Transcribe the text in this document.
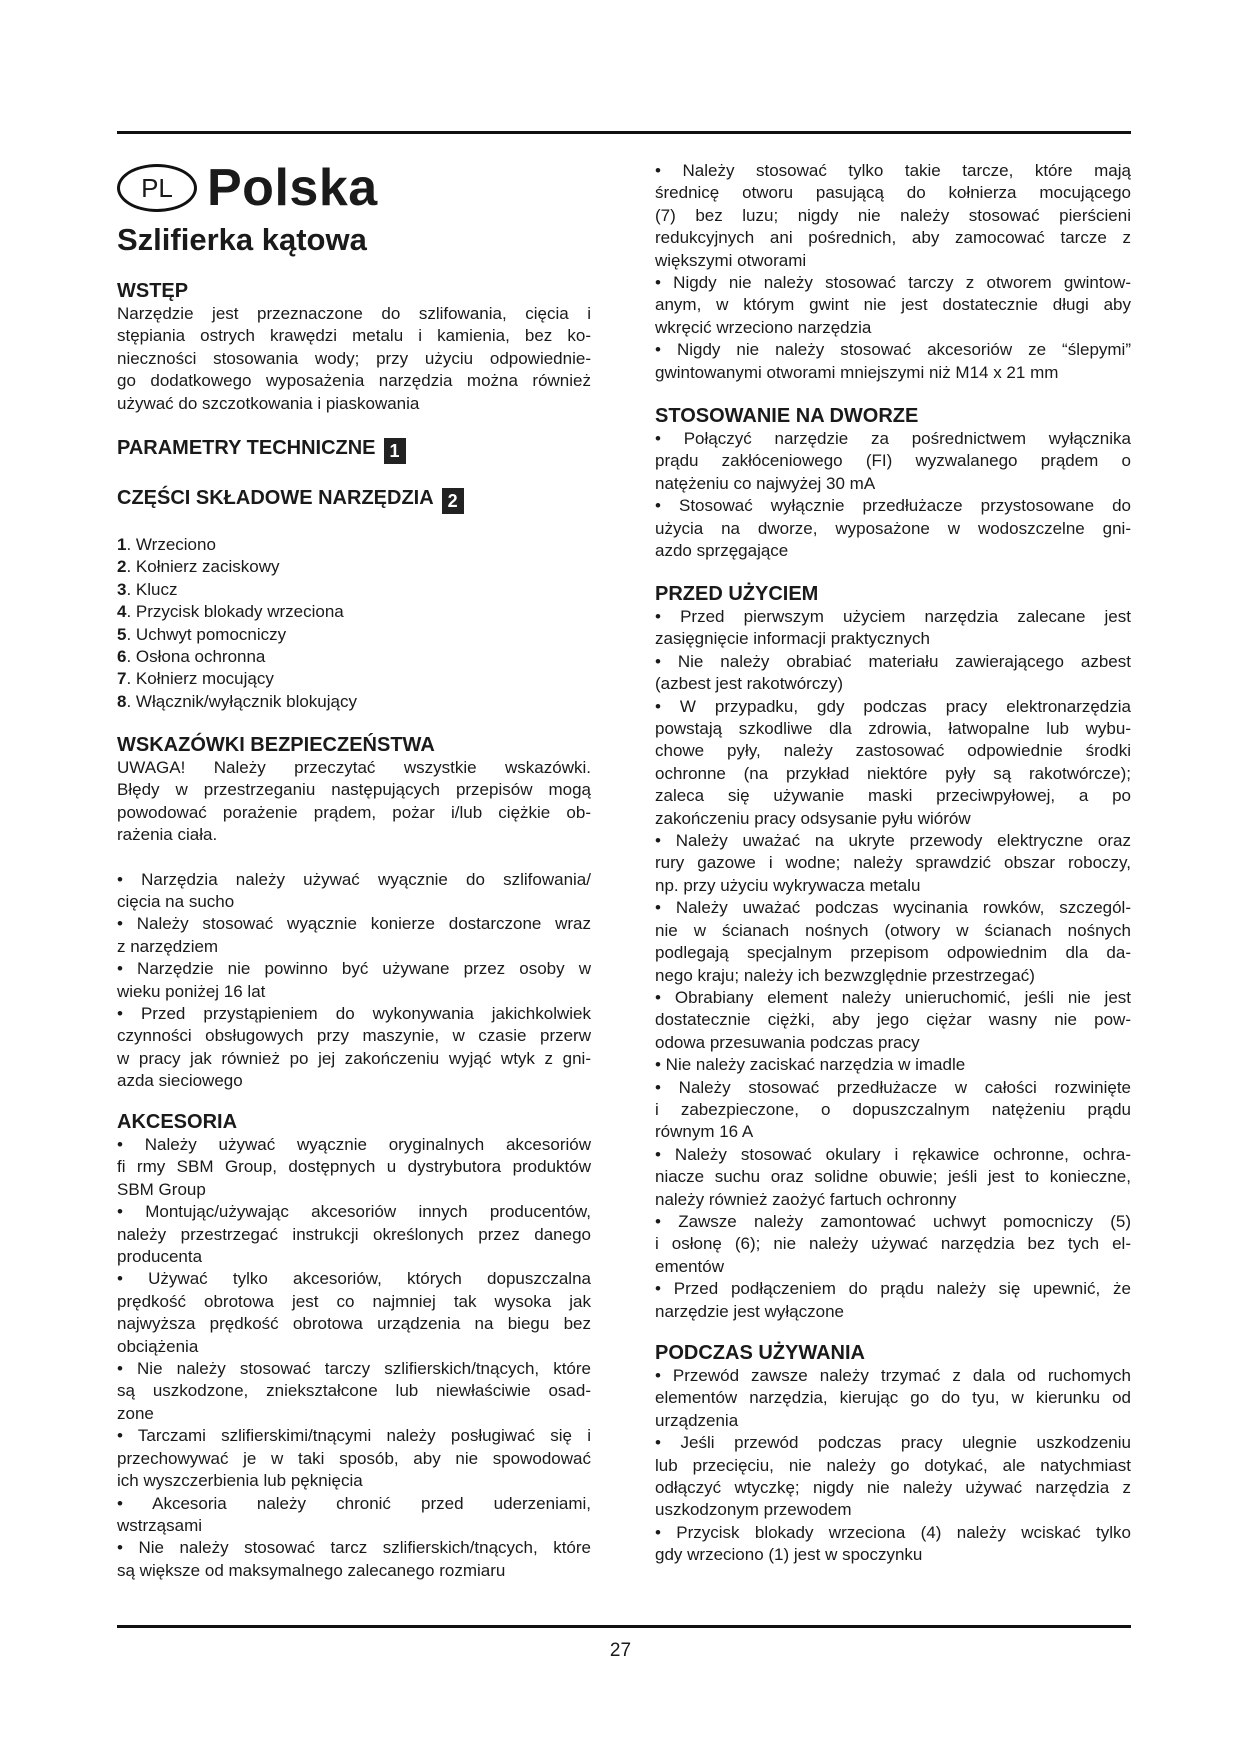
PL Polska
Szlifierka kątowa
WSTĘP
Narzędzie jest przeznaczone do szlifowania, cięcia i
stępiania ostrych krawędzi metalu i kamienia, bez ko-
nieczności stosowania wody; przy użyciu odpowiednie-
go dodatkowego wyposażenia narzędzia można również
używać do szczotkowania i piaskowania
PARAMETRY TECHNICZNE 1
CZĘŚCI SKŁADOWE NARZĘDZIA 2
1. Wrzeciono
2. Kołnierz zaciskowy
3. Klucz
4. Przycisk blokady wrzeciona
5. Uchwyt pomocniczy
6. Osłona ochronna
7. Kołnierz mocujący
8. Włącznik/wyłącznik blokujący
WSKAZÓWKI BEZPIECZEŃSTWA
UWAGA! Należy przeczytać wszystkie wskazówki.
Błędy w przestrzeganiu następujących przepisów mogą
powodować porażenie prądem, pożar i/lub ciężkie ob-
rażenia ciała.
• Narzędzia należy używać wyącznie do szlifowania/
cięcia na sucho
• Należy stosować wyącznie konierze dostarczone wraz
z narzędziem
• Narzędzie nie powinno być używane przez osoby w
wieku poniżej 16 lat
• Przed przystąpieniem do wykonywania jakichkolwiek
czynności obsługowych przy maszynie, w czasie przerw
w pracy jak również po jej zakończeniu wyjąć wtyk z gni-
azda sieciowego
AKCESORIA
• Należy używać wyącznie oryginalnych akcesoriów
fi rmy SBM Group, dostępnych u dystrybutora produktów
SBM Group
• Montując/używając akcesoriów innych producentów,
należy przestrzegać instrukcji określonych przez danego
producenta
• Używać tylko akcesoriów, których dopuszczalna
prędkość obrotowa jest co najmniej tak wysoka jak
najwyższa prędkość obrotowa urządzenia na biegu bez
obciążenia
• Nie należy stosować tarczy szlifierskich/tnących, które
są uszkodzone, zniekształcone lub niewłaściwie osad-
zone
• Tarczami szlifierskimi/tnącymi należy posługiwać się i
przechowywać je w taki sposób, aby nie spowodować
ich wyszczerbienia lub pęknięcia
• Akcesoria należy chronić przed uderzeniami,
wstrząsami
• Nie należy stosować tarcz szlifierskich/tnących, które
są większe od maksymalnego zalecanego rozmiaru
• Należy stosować tylko takie tarcze, które mają
średnicę otworu pasującą do kołnierza mocującego
(7) bez luzu; nigdy nie należy stosować pierścieni
redukcyjnych ani pośrednich, aby zamocować tarcze z
większymi otworami
• Nigdy nie należy stosować tarczy z otworem gwintow-
anym, w którym gwint nie jest dostatecznie długi aby
wkręcić wrzeciono narzędzia
• Nigdy nie należy stosować akcesoriów ze “ślepymi”
gwintowanymi otworami mniejszymi niż M14 x 21 mm
STOSOWANIE NA DWORZE
• Połączyć narzędzie za pośrednictwem wyłącznika
prądu zakłóceniowego (FI) wyzwalanego prądem o
natężeniu co najwyżej 30 mA
• Stosować wyłącznie przedłużacze przystosowane do
użycia na dworze, wyposażone w wodoszczelne gni-
azdo sprzęgające
PRZED UŻYCIEM
• Przed pierwszym użyciem narzędzia zalecane jest
zasięgnięcie informacji praktycznych
• Nie należy obrabiać materiału zawierającego azbest
(azbest jest rakotwórczy)
• W przypadku, gdy podczas pracy elektronarzędzia
powstają szkodliwe dla zdrowia, łatwopalne lub wybu-
chowe pyły, należy zastosować odpowiednie środki
ochronne (na przykład niektóre pyły są rakotwórcze);
zaleca się używanie maski przeciwpyłowej, a po
zakończeniu pracy odsysanie pyłu wiórów
• Należy uważać na ukryte przewody elektryczne oraz
rury gazowe i wodne; należy sprawdzić obszar roboczy,
np. przy użyciu wykrywacza metalu
• Należy uważać podczas wycinania rowków, szczegól-
nie w ścianach nośnych (otwory w ścianach nośnych
podlegają specjalnym przepisom odpowiednim dla da-
nego kraju; należy ich bezwzględnie przestrzegać)
• Obrabiany element należy unieruchomić, jeśli nie jest
dostatecznie ciężki, aby jego ciężar wasny nie pow-
odowa przesuwania podczas pracy
• Nie należy zaciskać narzędzia w imadle
• Należy stosować przedłużacze w całości rozwinięte
i zabezpieczone, o dopuszczalnym natężeniu prądu
równym 16 A
• Należy stosować okulary i rękawice ochronne, ochra-
niacze suchu oraz solidne obuwie; jeśli jest to konieczne,
należy również zaożyć fartuch ochronny
• Zawsze należy zamontować uchwyt pomocniczy (5)
i osłonę (6); nie należy używać narzędzia bez tych el-
ementów
• Przed podłączeniem do prądu należy się upewnić, że
narzędzie jest wyłączone
PODCZAS UŻYWANIA
• Przewód zawsze należy trzymać z dala od ruchomych
elementów narzędzia, kierując go do tyu, w kierunku od
urządzenia
• Jeśli przewód podczas pracy ulegnie uszkodzeniu
lub przecięciu, nie należy go dotykać, ale natychmiast
odłączyć wtyczkę; nigdy nie należy używać narzędzia z
uszkodzonym przewodem
• Przycisk blokady wrzeciona (4) należy wciskać tylko
gdy wrzeciono (1) jest w spoczynku
27
